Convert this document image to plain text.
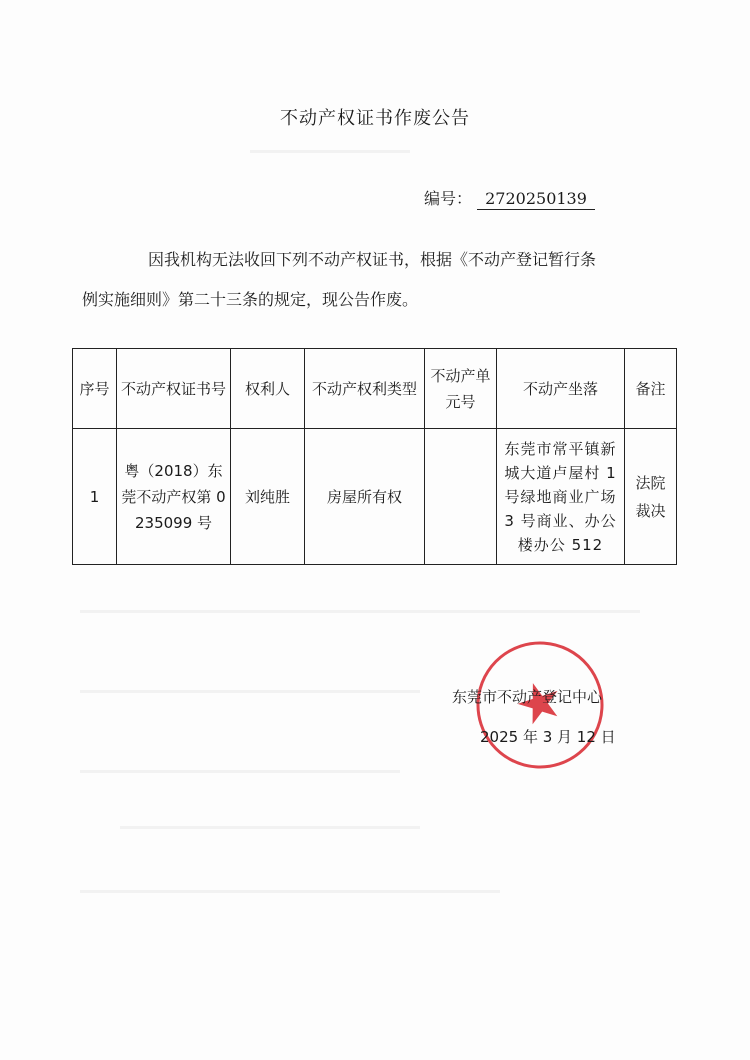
不动产权证书作废公告
编号： 2720250139
因我机构无法收回下列不动产权证书，根据《不动产登记暂行条
例实施细则》第二十三条的规定，现公告作废。
序号	不动产权证书号	权利人	不动产权利类型	不动产单元号	不动产坐落	备注
1	粤（2018）东莞不动产权第 0235099 号	刘纯胜	房屋所有权		东莞市常平镇新城大道卢屋村 1 号绿地商业广场 3 号商业、办公楼办公 512	法院裁决
东莞市不动产登记中心
2025 年 3 月 12 日
